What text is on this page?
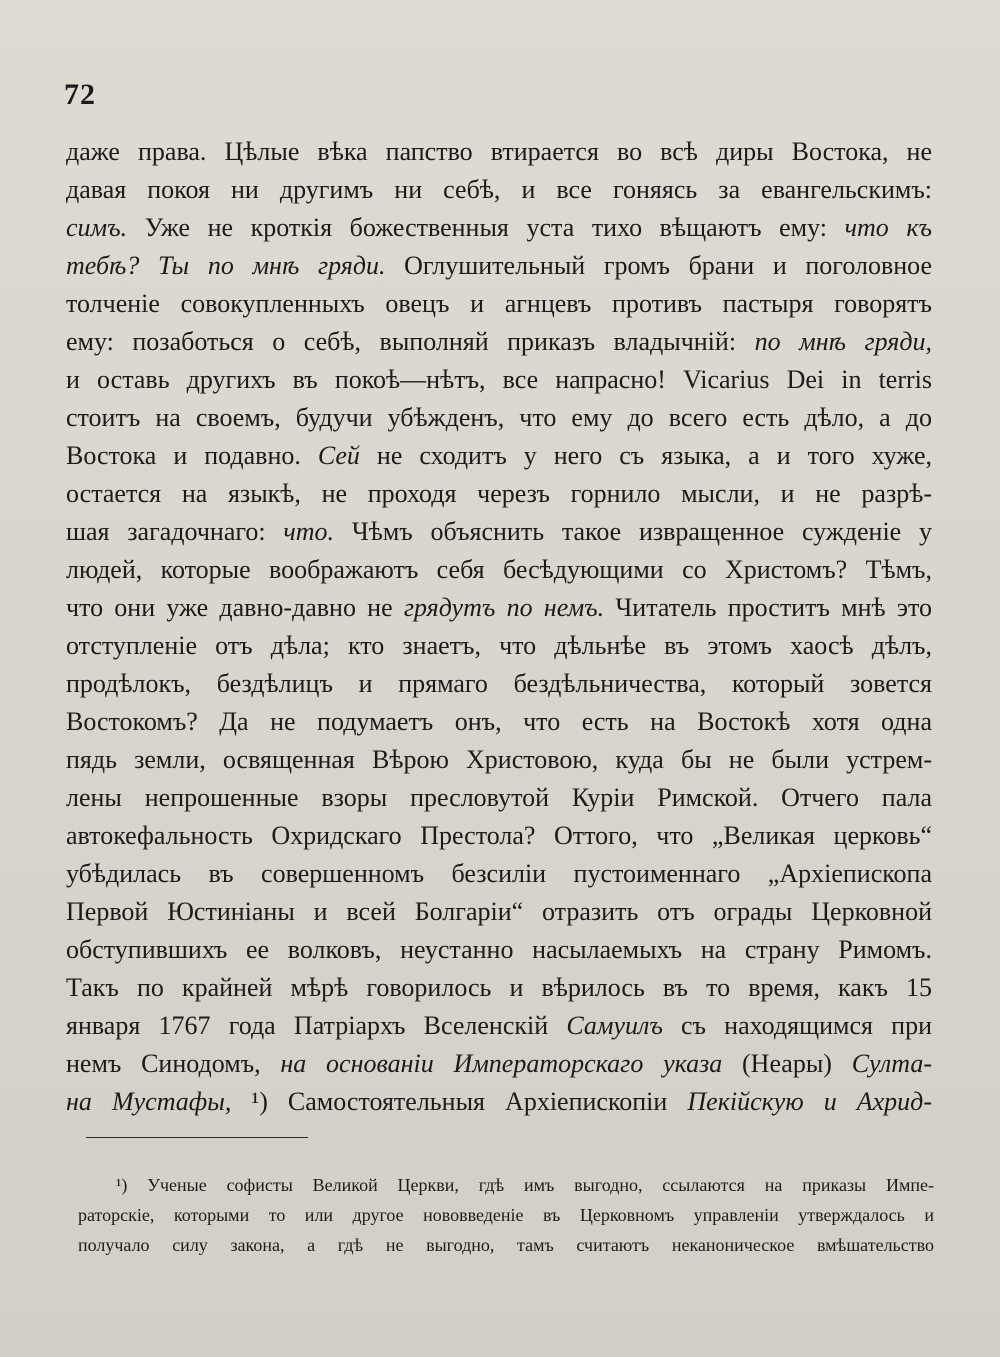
72
даже права. Цѣлые вѣка папство втирается во всѣ диры Востока, не
давая покоя ни другимъ ни себѣ, и все гоняясь за евангельскимъ:
симъ. Уже не кроткія божественныя уста тихо вѣщаютъ ему: что къ
тебѣ? Ты по мнѣ гряди. Оглушительный громъ брани и поголовное
толченіе совокупленныхъ овецъ и агнцевъ противъ пастыря говорятъ
ему: позаботься о себѣ, выполняй приказъ владычній: по мнѣ гряди,
и оставь другихъ въ покоѣ—нѣтъ, все напрасно! Vicarius Dei in terris
стоитъ на своемъ, будучи убѣжденъ, что ему до всего есть дѣло, а до
Востока и подавно. Сей не сходитъ у него съ языка, а и того хуже,
остается на языкѣ, не проходя черезъ горнило мысли, и не разрѣ-
шая загадочнаго: что. Чѣмъ объяснить такое извращенное сужденіе у
людей, которые воображаютъ себя бесѣдующими со Христомъ? Тѣмъ,
что они уже давно-давно не грядутъ по немъ. Читатель проститъ мнѣ это
отступленіе отъ дѣла; кто знаетъ, что дѣльнѣе въ этомъ хаосѣ дѣлъ,
продѣлокъ, бездѣлицъ и прямаго бездѣльничества, который зовется
Востокомъ? Да не подумаетъ онъ, что есть на Востокѣ хотя одна
пядь земли, освященная Вѣрою Христовою, куда бы не были устрем-
лены непрошенные взоры пресловутой Куріи Римской. Отчего пала
автокефальность Охридскаго Престола? Оттого, что „Великая церковь“
убѣдилась въ совершенномъ безсиліи пустоименнаго „Архіепископа
Первой Юстиніаны и всей Болгаріи“ отразить отъ ограды Церковной
обступившихъ ее волковъ, неустанно насылаемыхъ на страну Римомъ.
Такъ по крайней мѣрѣ говорилось и вѣрилось въ то время, какъ 15
января 1767 года Патріархъ Вселенскій Самуилъ съ находящимся при
немъ Синодомъ, на основаніи Императорскаго указа (Неары) Султа-
на Мустафы, ¹) Самостоятельныя Архіепископіи Пекійскую и Ахрид-
¹) Ученые софисты Великой Церкви, гдѣ имъ выгодно, ссылаются на приказы Импе-
раторскіе, которыми то или другое нововведеніе въ Церковномъ управленіи утверждалось и
получало силу закона, а гдѣ не выгодно, тамъ считаютъ неканоническое вмѣшательство
